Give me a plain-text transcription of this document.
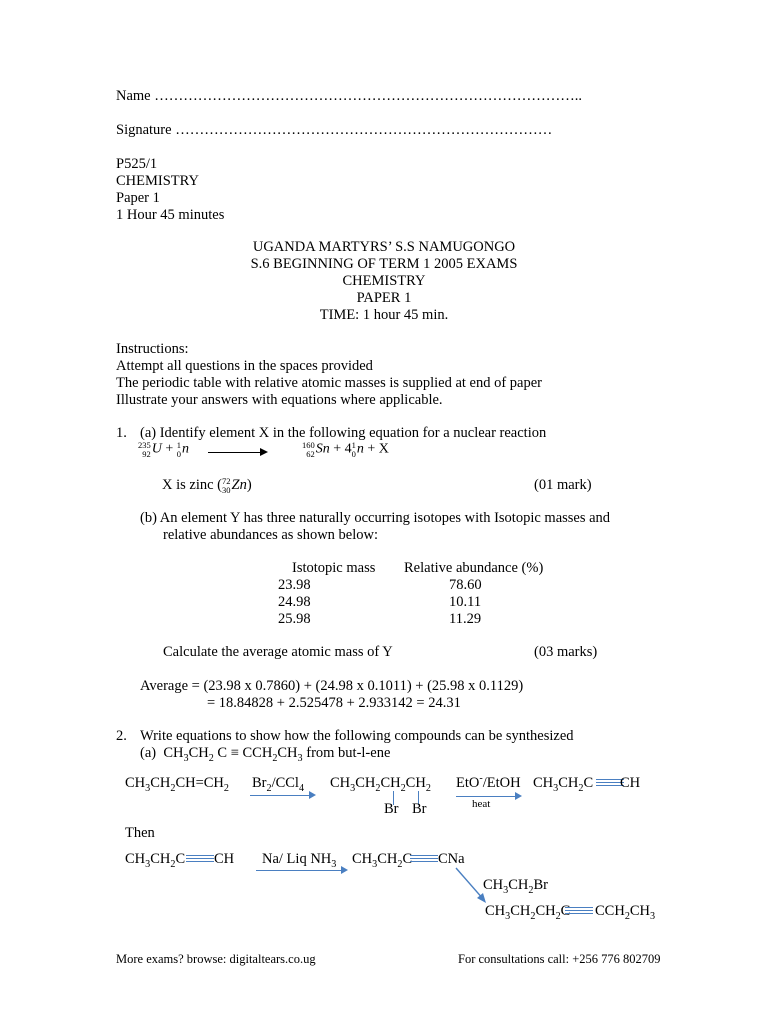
Name ……………………………………………………………………………..
Signature ……………………………………………………………………
P525/1
CHEMISTRY
Paper 1
1 Hour 45 minutes
UGANDA MARTYRS’ S.S NAMUGONGO
S.6 BEGINNING OF TERM 1 2005 EXAMS
CHEMISTRY
PAPER 1
TIME: 1 hour 45 min.
Instructions:
Attempt all questions in the spaces provided
The periodic table with relative atomic masses is supplied at end of paper
Illustrate your answers with equations where applicable.
1. (a) Identify element X in the following equation for a nuclear reaction
235
92 U + 1
0 n →
160
62 Sn + 4 1
0 n + X
X is zinc ( 72
30 Zn)	(01 mark)
(b) An element Y has three naturally occurring isotopes with Isotopic masses and
relative abundances as shown below:
Istotopic mass Relative abundance (%)
23.98	78.60
24.98	10.11
25.98	11.29
Calculate the average atomic mass of Y	(03 marks)
Average = (23.98 x 0.7860) + (24.98 x 0.1011) + (25.98 x 0.1129)
= 18.84828 + 2.525478 + 2.933142 = 24.31
2. Write equations to show how the following compounds can be synthesized
(a)  $CH_3CH_2$ $C \equiv CCH_2CH_3$ from but-l-ene
$CH_3CH_2CH=CH_2$ $Br_2/CCl_4$ $CH_3CH_2CH_2CH_2$
Br Br
EtO-/EtOH
heat
$CH_3CH_2C$ CH
Then
$CH_3CH_2C$ CH Na/ Liq $NH_3$ $CH_3CH_2C$ CNa
$CH_3CH_2Br$
$CH_3CH_2CH_2C$ $CCH_2CH_3$
More exams? browse: digitaltears.co.ug	For consultations call: +256 776 802709
